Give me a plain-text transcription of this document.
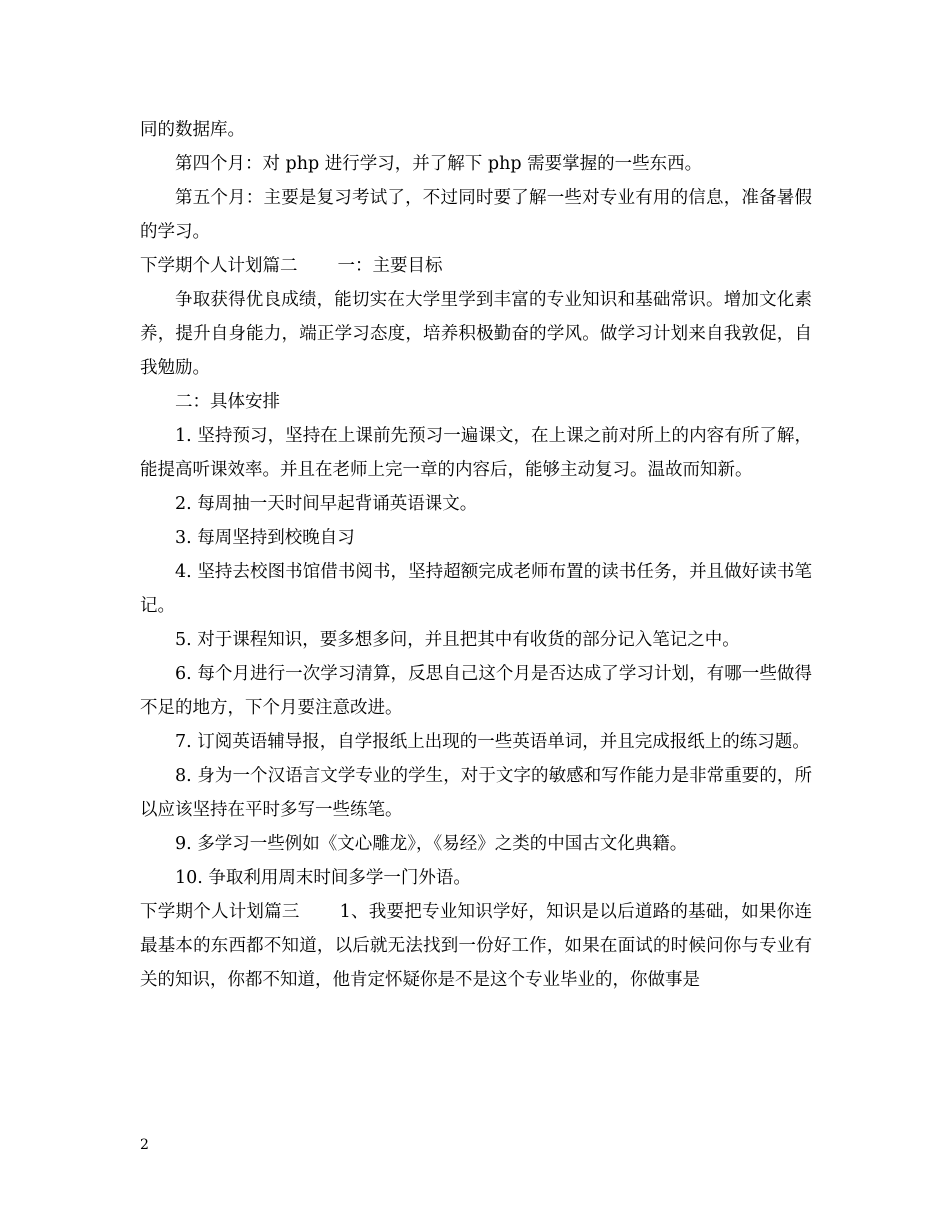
同的数据库。

第四个月：对 php 进行学习，并了解下 php 需要掌握的一些东西。

第五个月：主要是复习考试了，不过同时要了解一些对专业有用的信息，准备暑假的学习。

下学期个人计划篇二 一：主要目标

争取获得优良成绩，能切实在大学里学到丰富的专业知识和基础常识。增加文化素养，提升自身能力，端正学习态度，培养积极勤奋的学风。做学习计划来自我敦促，自我勉励。

二：具体安排

1. 坚持预习，坚持在上课前先预习一遍课文，在上课之前对所上的内容有所了解，能提高听课效率。并且在老师上完一章的内容后，能够主动复习。温故而知新。

2. 每周抽一天时间早起背诵英语课文。

3. 每周坚持到校晚自习

4. 坚持去校图书馆借书阅书，坚持超额完成老师布置的读书任务，并且做好读书笔记。

5. 对于课程知识，要多想多问，并且把其中有收货的部分记入笔记之中。

6. 每个月进行一次学习清算，反思自己这个月是否达成了学习计划，有哪一些做得不足的地方，下个月要注意改进。

7. 订阅英语辅导报，自学报纸上出现的一些英语单词，并且完成报纸上的练习题。

8. 身为一个汉语言文学专业的学生，对于文字的敏感和写作能力是非常重要的，所以应该坚持在平时多写一些练笔。

9. 多学习一些例如《文心雕龙》，《易经》之类的中国古文化典籍。

10. 争取利用周末时间多学一门外语。

下学期个人计划篇三 1、我要把专业知识学好，知识是以后道路的基础，如果你连最基本的东西都不知道，以后就无法找到一份好工作，如果在面试的时候问你与专业有关的知识，你都不知道，他肯定怀疑你是不是这个专业毕业的，你做事是

2
